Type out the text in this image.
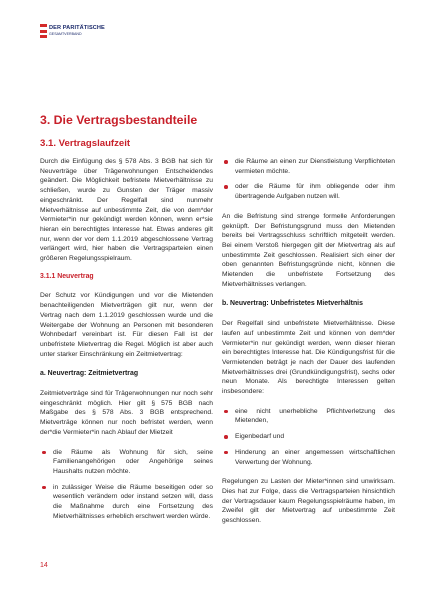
DER PARITÄTISCHE
GESAMTVERBAND
3. Die Vertragsbestandteile
3.1. Vertragslaufzeit

Durch die Einfügung des § 578 Abs. 3 BGB hat sich für Neuverträge über Trägerwohnungen Entscheidendes geändert. Die Möglichkeit befristete Mietverhältnisse zu schließen, wurde zu Gunsten der Träger massiv eingeschränkt. Der Regelfall sind nunmehr Mietverhältnisse auf unbestimmte Zeit, die von dem*der Vermieter*in nur gekündigt werden können, wenn er*sie hieran ein berechtigtes Interesse hat. Etwas anderes gilt nur, wenn der vor dem 1.1.2019 abgeschlossene Vertrag verlängert wird, hier haben die Vertragsparteien einen größeren Regelungsspielraum.

3.1.1 Neuvertrag

Der Schutz vor Kündigungen und vor die Mietenden benachteiligenden Mietverträgen gilt nur, wenn der Vertrag nach dem 1.1.2019 geschlossen wurde und die Weitergabe der Wohnung an Personen mit besonderen Wohnbedarf vereinbart ist. Für diesen Fall ist der unbefristete Mietvertrag die Regel. Möglich ist aber auch unter starker Einschränkung ein Zeitmietvertrag:

a. Neuvertrag: Zeitmietvertrag

Zeitmietverträge sind für Trägerwohnungen nur noch sehr eingeschränkt möglich. Hier gilt § 575 BGB nach Maßgabe des § 578 Abs. 3 BGB entsprechend. Mietverträge können nur noch befristet werden, wenn der*die Vermieter*in nach Ablauf der Mietzeit

die Räume als Wohnung für sich, seine Familienangehörigen oder Angehörige seines Haushalts nutzen möchte.
in zulässiger Weise die Räume beseitigen oder so wesentlich verändern oder instand setzen will, dass die Maßnahme durch eine Fortsetzung des Mietverhältnisses erheblich erschwert werden würde.
die Räume an einen zur Dienstleistung Verpflichteten vermieten möchte.
oder die Räume für ihm obliegende oder ihm übertragende Aufgaben nutzen will.

An die Befristung sind strenge formelle Anforderungen geknüpft. Der Befristungsgrund muss den Mietenden bereits bei Vertragsschluss schriftlich mitgeteilt werden. Bei einem Verstoß hiergegen gilt der Mietvertrag als auf unbestimmte Zeit geschlossen. Realisiert sich einer der oben genannten Befristungsgründe nicht, können die Mietenden die unbefristete Fortsetzung des Mietverhältnisses verlangen.

b. Neuvertrag: Unbefristetes Mietverhältnis

Der Regelfall sind unbefristete Mietverhältnisse. Diese laufen auf unbestimmte Zeit und können von dem*der Vermieter*in nur gekündigt werden, wenn dieser hieran ein berechtigtes Interesse hat. Die Kündigungsfrist für die Vermietenden beträgt je nach der Dauer des laufenden Mietverhältnisses drei (Grundkündigungsfrist), sechs oder neun Monate. Als berechtigte Interessen gelten insbesondere:

eine nicht unerhebliche Pflichtverletzung des Mietenden,
Eigenbedarf und
Hinderung an einer angemessen wirtschaftlichen Verwertung der Wohnung.

Regelungen zu Lasten der Mieter*innen sind unwirksam. Dies hat zur Folge, dass die Vertragsparteien hinsichtlich der Vertragsdauer kaum Regelungsspielräume haben, im Zweifel gilt der Mietvertrag auf unbestimmte Zeit geschlossen.

14
